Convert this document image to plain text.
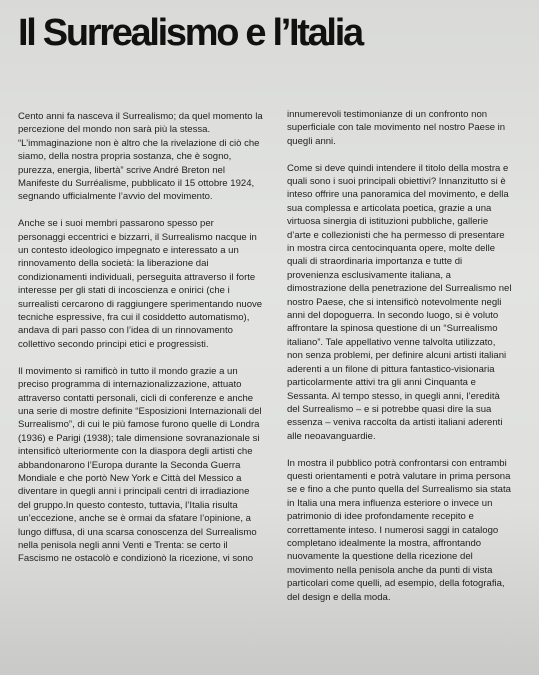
Il Surrealismo e l’Italia

Cento anni fa nasceva il Surrealismo; da quel momento la percezione del mondo non sarà più la stessa. “L’immaginazione non è altro che la rivelazione di ciò che siamo, della nostra propria sostanza, che è sogno, purezza, energia, libertà” scrive André Breton nel Manifeste du Surréalisme, pubblicato il 15 ottobre 1924, segnando ufficialmente l’avvio del movimento.

Anche se i suoi membri passarono spesso per personaggi eccentrici e bizzarri, il Surrealismo nacque in un contesto ideologico impegnato e interessato a un rinnovamento della società: la liberazione dai condizionamenti individuali, perseguita attraverso il forte interesse per gli stati di incoscienza e onirici (che i surrealisti cercarono di raggiungere sperimentando nuove tecniche espressive, fra cui il cosiddetto automatismo), andava di pari passo con l’idea di un rinnovamento collettivo secondo principi etici e progressisti.

Il movimento si ramificò in tutto il mondo grazie a un preciso programma di internazionalizzazione, attuato attraverso contatti personali, cicli di conferenze e anche una serie di mostre definite “Esposizioni Internazionali del Surrealismo”, di cui le più famose furono quelle di Londra (1936) e Parigi (1938); tale dimensione sovranazionale si intensificò ulteriormente con la diaspora degli artisti che abbandonarono l’Europa durante la Seconda Guerra Mondiale e che portò New York e Città del Messico a diventare in quegli anni i principali centri di irradiazione del gruppo.In questo contesto, tuttavia, l’Italia risulta un’eccezione, anche se è ormai da sfatare l’opinione, a lungo diffusa, di una scarsa conoscenza del Surrealismo nella penisola negli anni Venti e Trenta: se certo il Fascismo ne ostacolò e condizionò la ricezione, vi sono

innumerevoli testimonianze di un confronto non superficiale con tale movimento nel nostro Paese in quegli anni.

Come si deve quindi intendere il titolo della mostra e quali sono i suoi principali obiettivi? Innanzitutto si è inteso offrire una panoramica del movimento, e della sua complessa e articolata poetica, grazie a una virtuosa sinergia di istituzioni pubbliche, gallerie d’arte e collezionisti che ha permesso di presentare in mostra circa centocinquanta opere, molte delle quali di straordinaria importanza e tutte di provenienza esclusivamente italiana, a dimostrazione della penetrazione del Surrealismo nel nostro Paese, che si intensificò notevolmente negli anni del dopoguerra. In secondo luogo, si è voluto affrontare la spinosa questione di un “Surrealismo italiano”. Tale appellativo venne talvolta utilizzato, non senza problemi, per definire alcuni artisti italiani aderenti a un filone di pittura fantastico-visionaria particolarmente attivi tra gli anni Cinquanta e Sessanta. Al tempo stesso, in quegli anni, l’eredità del Surrealismo – e si potrebbe quasi dire la sua essenza – veniva raccolta da artisti italiani aderenti alle neoavanguardie.

In mostra il pubblico potrà confrontarsi con entrambi questi orientamenti e potrà valutare in prima persona se e fino a che punto quella del Surrealismo sia stata in Italia una mera influenza esteriore o invece un patrimonio di idee profondamente recepito e correttamente inteso. I numerosi saggi in catalogo completano idealmente la mostra, affrontando nuovamente la questione della ricezione del movimento nella penisola anche da punti di vista particolari come quelli, ad esempio, della fotografia, del design e della moda.
